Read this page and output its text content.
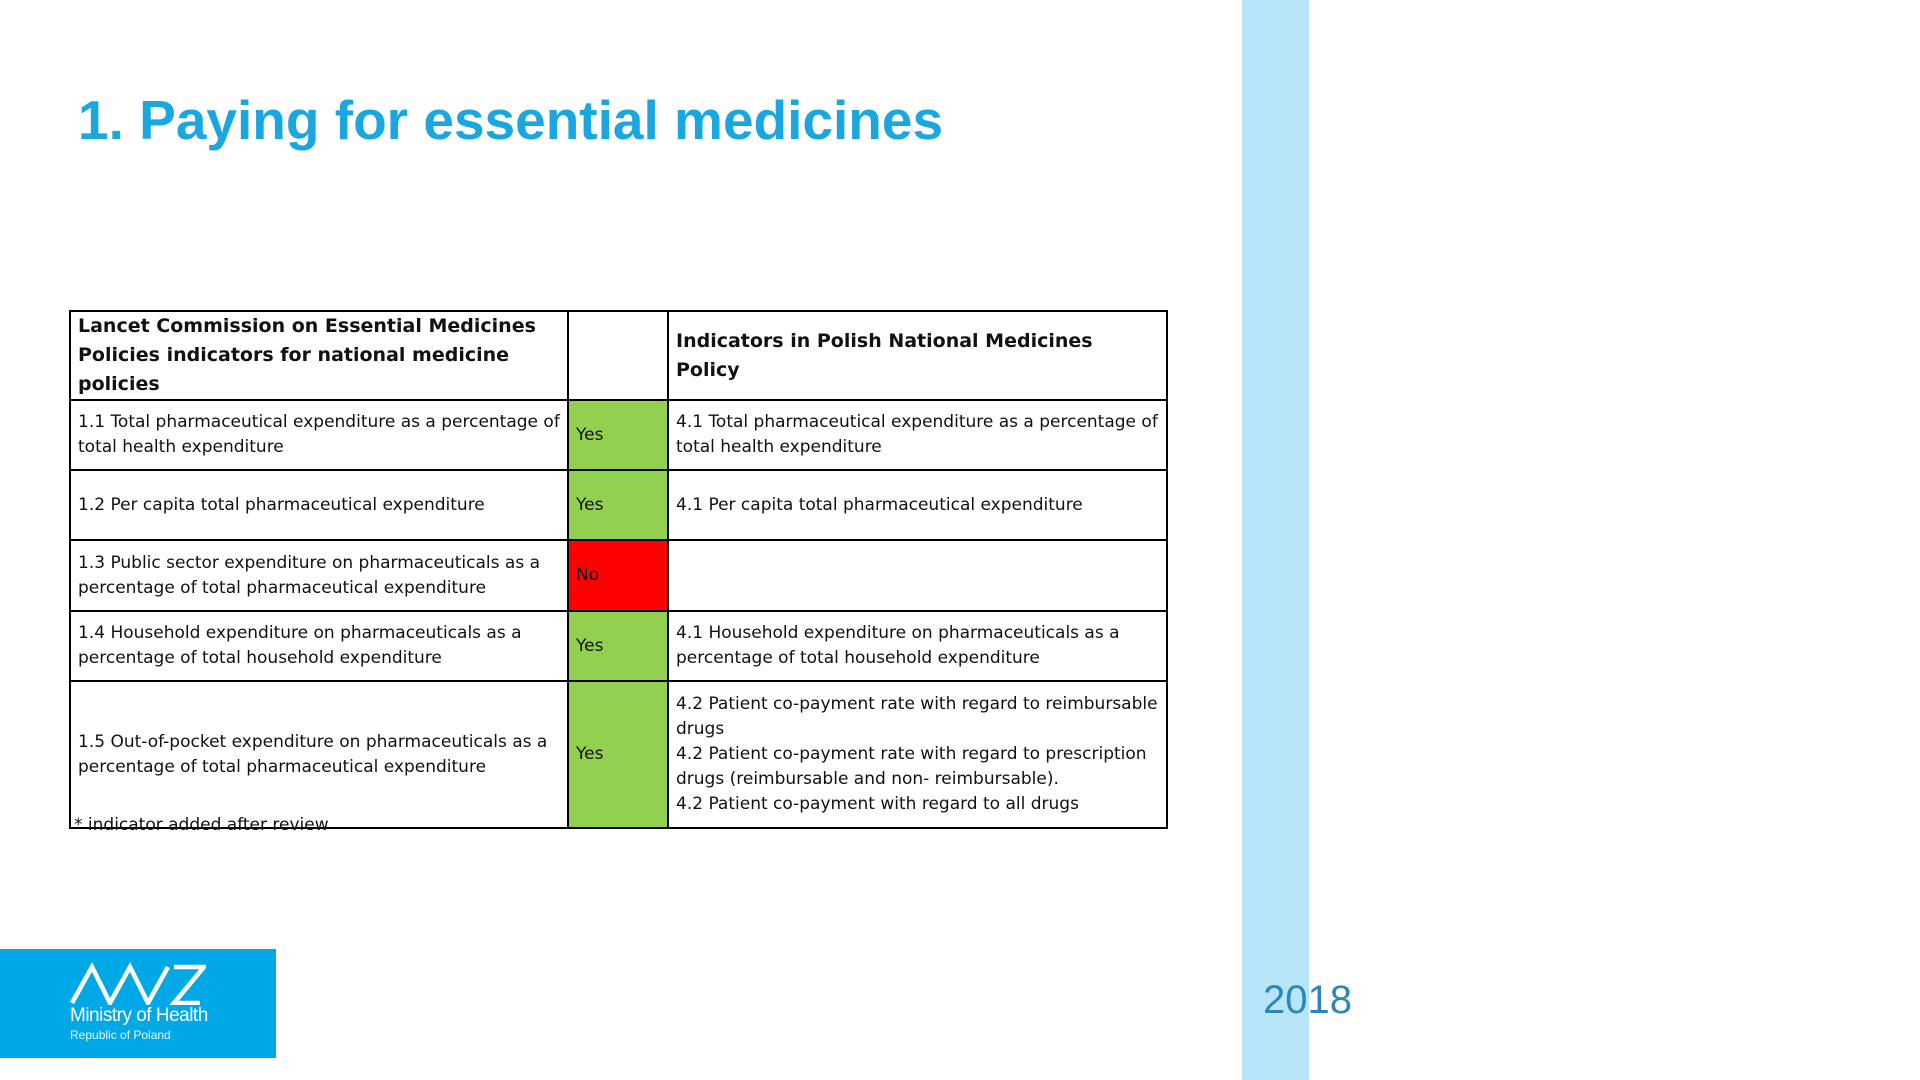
1. Paying for essential medicines
Lancet Commission on Essential Medicines
Policies indicators for national medicine policies		Indicators in Polish National Medicines Policy

1.1 Total pharmaceutical expenditure as a percentage of
total health expenditure	Yes	4.1 Total pharmaceutical expenditure as a percentage of
total health expenditure

1.2 Per capita total pharmaceutical expenditure	Yes	4.1 Per capita total pharmaceutical expenditure

1.3 Public sector expenditure on pharmaceuticals as a
percentage of total pharmaceutical expenditure	No	

1.4 Household expenditure on pharmaceuticals as a
percentage of total household expenditure	Yes	4.1 Household expenditure on pharmaceuticals as a
percentage of total household expenditure

1.5 Out-of-pocket expenditure on pharmaceuticals as a
percentage of total pharmaceutical expenditure	Yes	4.2 Patient co-payment rate with regard to reimbursable
drugs
4.2 Patient co-payment rate with regard to prescription
drugs (reimbursable and non- reimbursable).
4.2 Patient co-payment with regard to all drugs
* indicator added after review
Ministry of Health
Republic of Poland
2018
